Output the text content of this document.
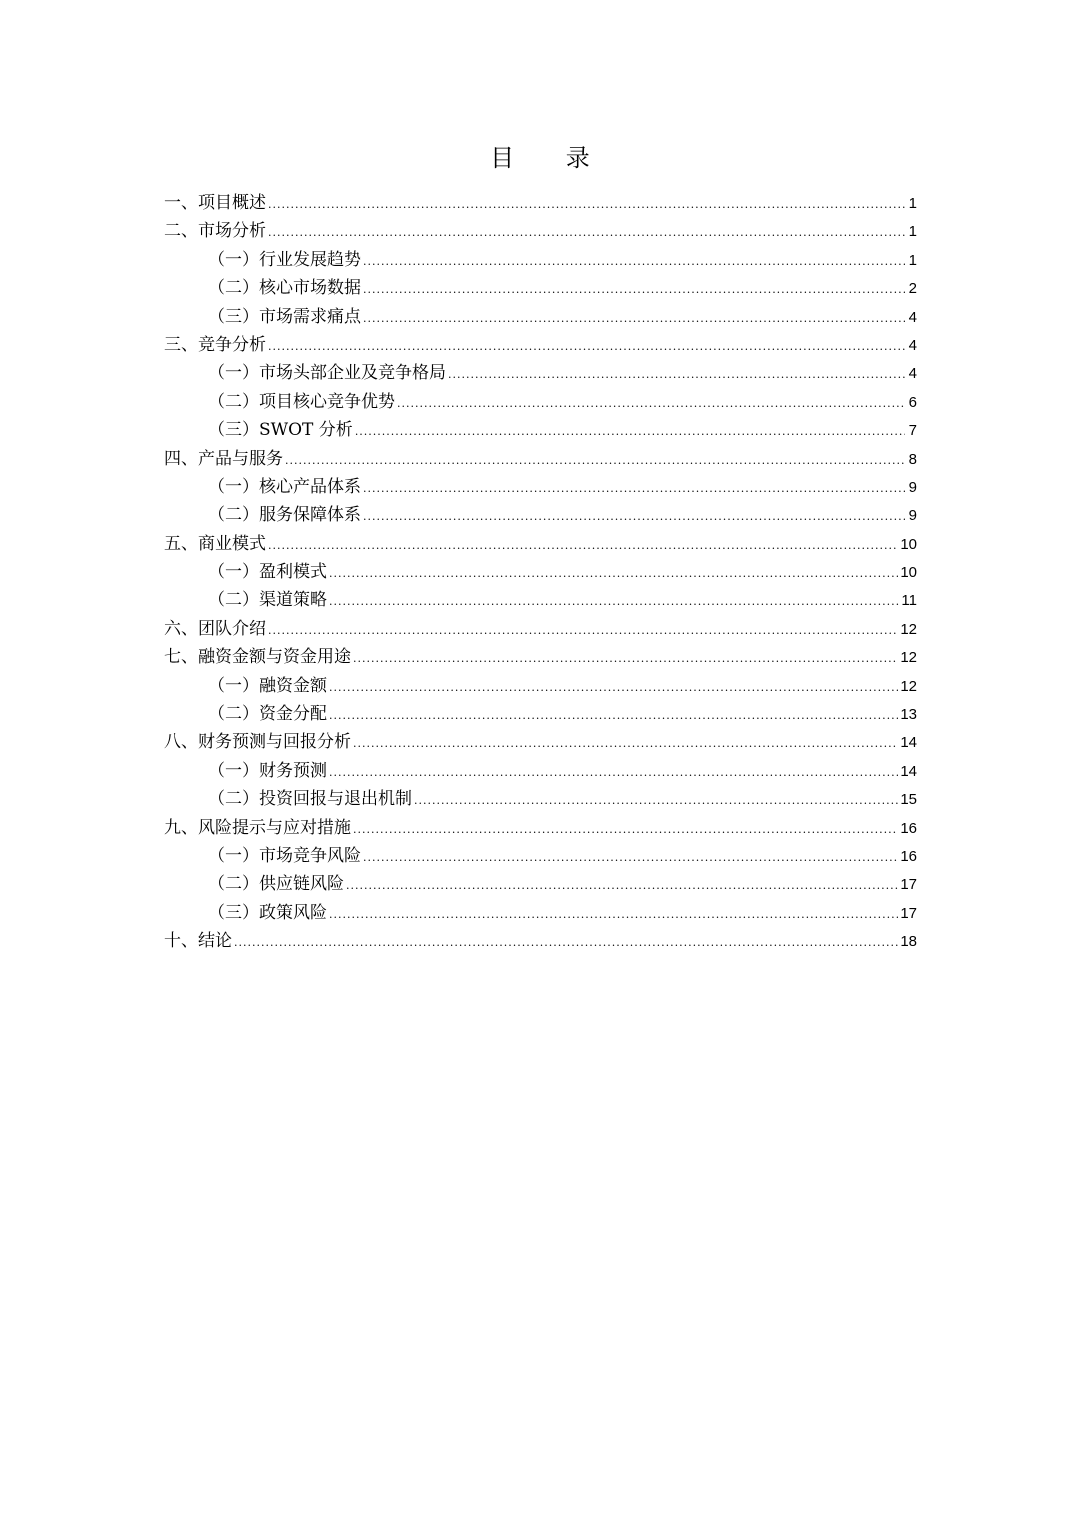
目 录
一、项目概述 .....	1
二、市场分析 .....	1
（一）行业发展趋势 .....	1
（二）核心市场数据 .....	2
（三）市场需求痛点 .....	4
三、竞争分析 .....	4
（一）市场头部企业及竞争格局 .....	4
（二）项目核心竞争优势 .....	6
（三）SWOT 分析 .....	7
四、产品与服务 .....	8
（一）核心产品体系 .....	9
（二）服务保障体系 .....	9
五、商业模式 .....	10
（一）盈利模式 .....	10
（二）渠道策略 .....	11
六、团队介绍 .....	12
七、融资金额与资金用途 .....	12
（一）融资金额 .....	12
（二）资金分配 .....	13
八、财务预测与回报分析 .....	14
（一）财务预测 .....	14
（二）投资回报与退出机制 .....	15
九、风险提示与应对措施 .....	16
（一）市场竞争风险 .....	16
（二）供应链风险 .....	17
（三）政策风险 .....	17
十、结论 .....	18
